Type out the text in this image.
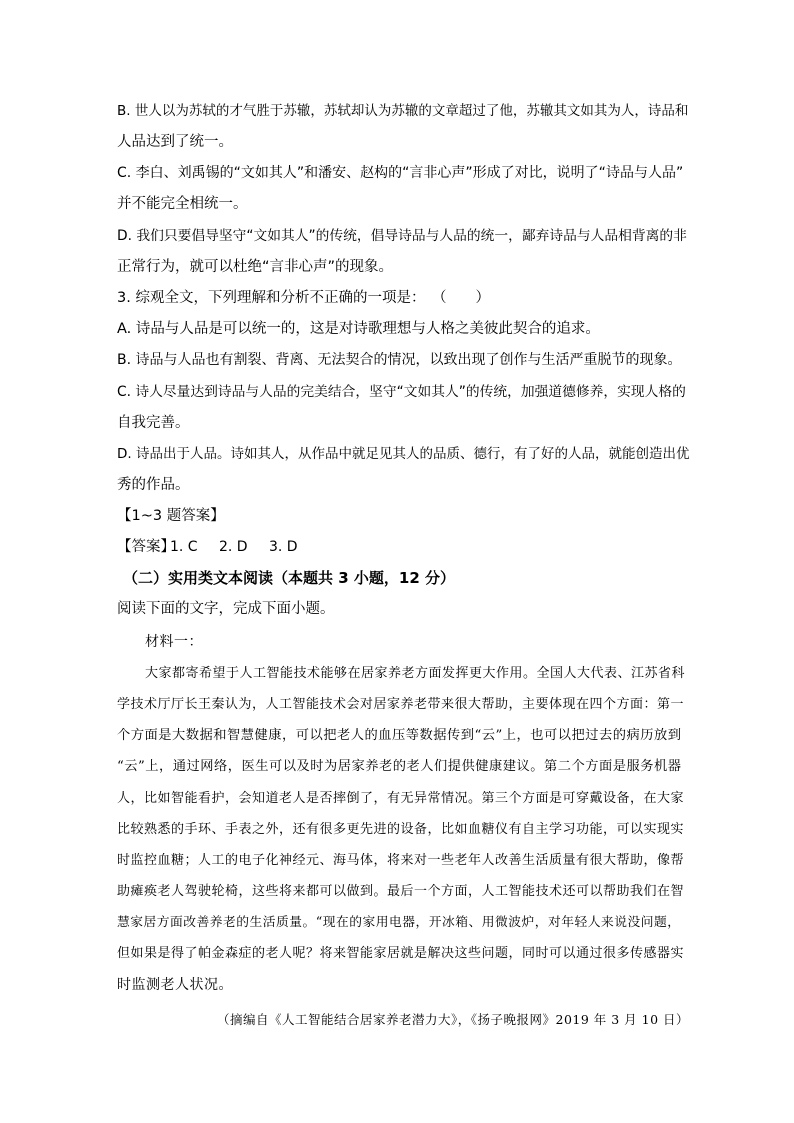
B. 世人以为苏轼的才气胜于苏辙，苏轼却认为苏辙的文章超过了他，苏辙其文如其为人，诗品和
人品达到了统一。
C. 李白、刘禹锡的“文如其人”和潘安、赵构的“言非心声”形成了对比，说明了“诗品与人品”
并不能完全相统一。
D. 我们只要倡导坚守“文如其人”的传统，倡导诗品与人品的统一，鄙弃诗品与人品相背离的非
正常行为，就可以杜绝“言非心声”的现象。
3. 综观全文，下列理解和分析不正确的一项是： （　　）
A. 诗品与人品是可以统一的，这是对诗歌理想与人格之美彼此契合的追求。
B. 诗品与人品也有割裂、背离、无法契合的情况，以致出现了创作与生活严重脱节的现象。
C. 诗人尽量达到诗品与人品的完美结合，坚守“文如其人”的传统，加强道德修养，实现人格的
自我完善。
D. 诗品出于人品。诗如其人，从作品中就足见其人的品质、德行，有了好的人品，就能创造出优
秀的作品。
【1~3 题答案】
【答案】
1. C 2. D 3. D
（二）实用类文本阅读（本题共 3 小题，12 分）
阅读下面的文字，完成下面小题。
材料一：
大家都寄希望于人工智能技术能够在居家养老方面发挥更大作用。全国人大代表、江苏省科
学技术厅厅长王秦认为，人工智能技术会对居家养老带来很大帮助，主要体现在四个方面：第一
个方面是大数据和智慧健康，可以把老人的血压等数据传到“云”上，也可以把过去的病历放到
“云”上，通过网络，医生可以及时为居家养老的老人们提供健康建议。第二个方面是服务机器
人，比如智能看护，会知道老人是否摔倒了，有无异常情况。第三个方面是可穿戴设备，在大家
比较熟悉的手环、手表之外，还有很多更先进的设备，比如血糖仪有自主学习功能，可以实现实
时监控血糖；人工的电子化神经元、海马体，将来对一些老年人改善生活质量有很大帮助，像帮
助瘫痪老人驾驶轮椅，这些将来都可以做到。最后一个方面，人工智能技术还可以帮助我们在智
慧家居方面改善养老的生活质量。“现在的家用电器，开冰箱、用微波炉，对年轻人来说没问题，
但如果是得了帕金森症的老人呢？将来智能家居就是解决这些问题，同时可以通过很多传感器实
时监测老人状况。
（摘编自《人工智能结合居家养老潜力大》，《扬子晚报网》2019 年 3 月 10 日）
